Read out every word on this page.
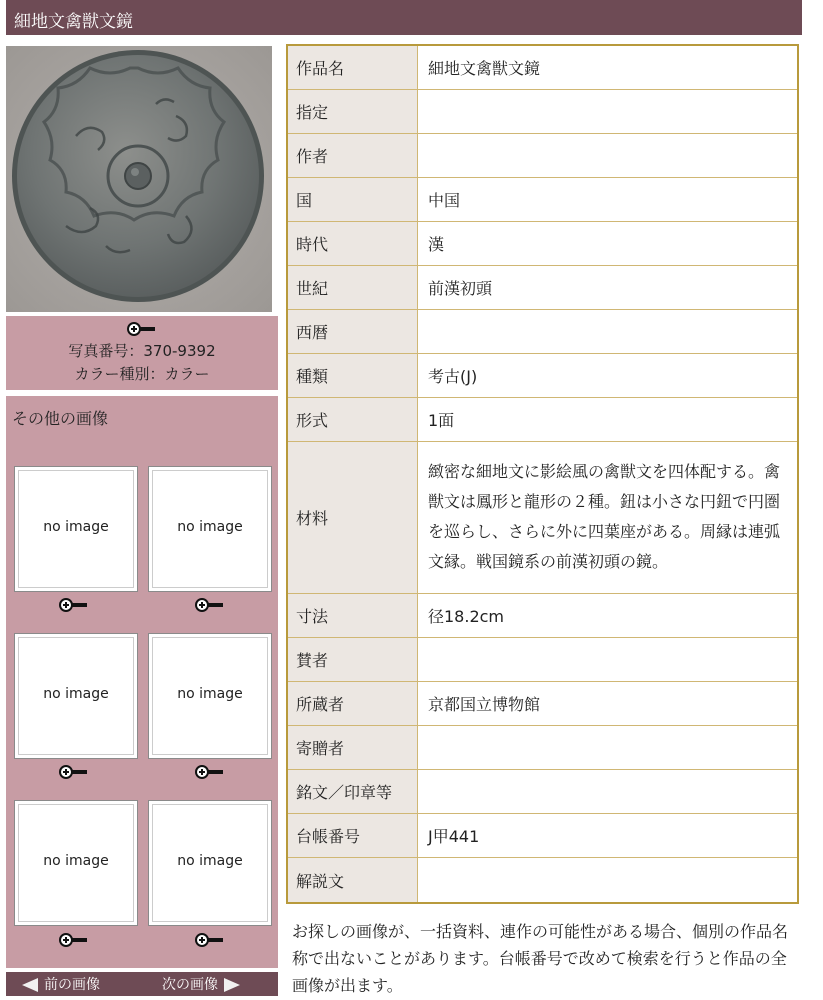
細地文禽獣文鏡
写真番号：370-9392
カラー種別：カラー
その他の画像
no image	no image
no image	no image
no image	no image
前の画像	次の画像
作品名	細地文禽獣文鏡
指定	
作者	
国	中国
時代	漢
世紀	前漢初頭
西暦	
種類	考古(J)
形式	1面
材料	緻密な細地文に影絵風の禽獣文を四体配する。禽獣文は鳳形と龍形の２種。鈕は小さな円鈕で円圏を巡らし、さらに外に四葉座がある。周縁は連弧文縁。戦国鏡系の前漢初頭の鏡。
寸法	径18.2cm
賛者	
所蔵者	京都国立博物館
寄贈者	
銘文／印章等	
台帳番号	J甲441
解説文	
お探しの画像が、一括資料、連作の可能性がある場合、個別の作品名称で出ないことがあります。台帳番号で改めて検索を行うと作品の全画像が出ます。
